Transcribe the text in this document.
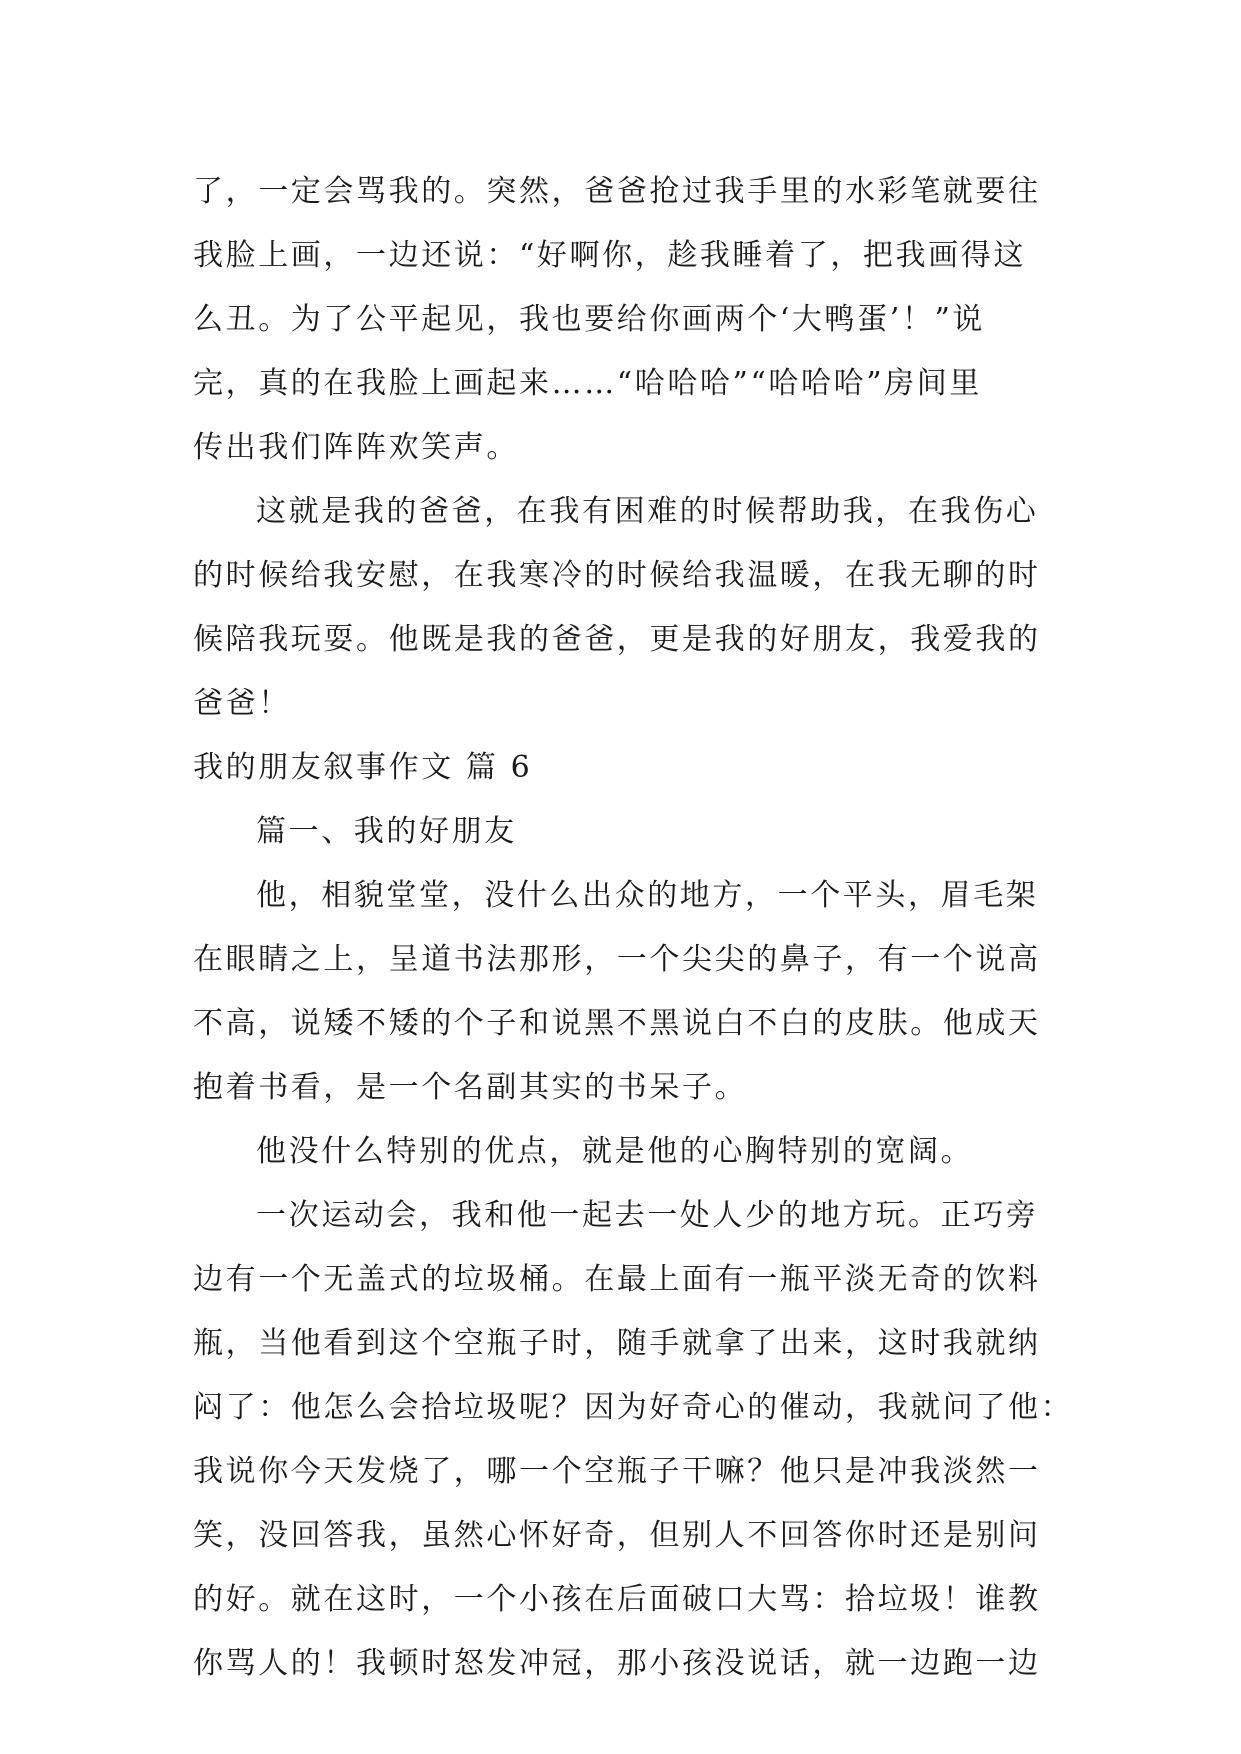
了，一定会骂我的。突然，爸爸抢过我手里的水彩笔就要往
我脸上画，一边还说：“好啊你，趁我睡着了，把我画得这
么丑。为了公平起见，我也要给你画两个‘大鸭蛋’！”说
完，真的在我脸上画起来……“哈哈哈”“哈哈哈”房间里
传出我们阵阵欢笑声。
这就是我的爸爸，在我有困难的时候帮助我，在我伤心
的时候给我安慰，在我寒冷的时候给我温暖，在我无聊的时
候陪我玩耍。他既是我的爸爸，更是我的好朋友，我爱我的
爸爸！
我的朋友叙事作文 篇 6
篇一、我的好朋友
他，相貌堂堂，没什么出众的地方，一个平头，眉毛架
在眼睛之上，呈道书法那形，一个尖尖的鼻子，有一个说高
不高，说矮不矮的个子和说黑不黑说白不白的皮肤。他成天
抱着书看，是一个名副其实的书呆子。
他没什么特别的优点，就是他的心胸特别的宽阔。
一次运动会，我和他一起去一处人少的地方玩。正巧旁
边有一个无盖式的垃圾桶。在最上面有一瓶平淡无奇的饮料
瓶，当他看到这个空瓶子时，随手就拿了出来，这时我就纳
闷了：他怎么会拾垃圾呢？因为好奇心的催动，我就问了他：
我说你今天发烧了，哪一个空瓶子干嘛？他只是冲我淡然一
笑，没回答我，虽然心怀好奇，但别人不回答你时还是别问
的好。就在这时，一个小孩在后面破口大骂：拾垃圾！谁教
你骂人的！我顿时怒发冲冠，那小孩没说话，就一边跑一边
